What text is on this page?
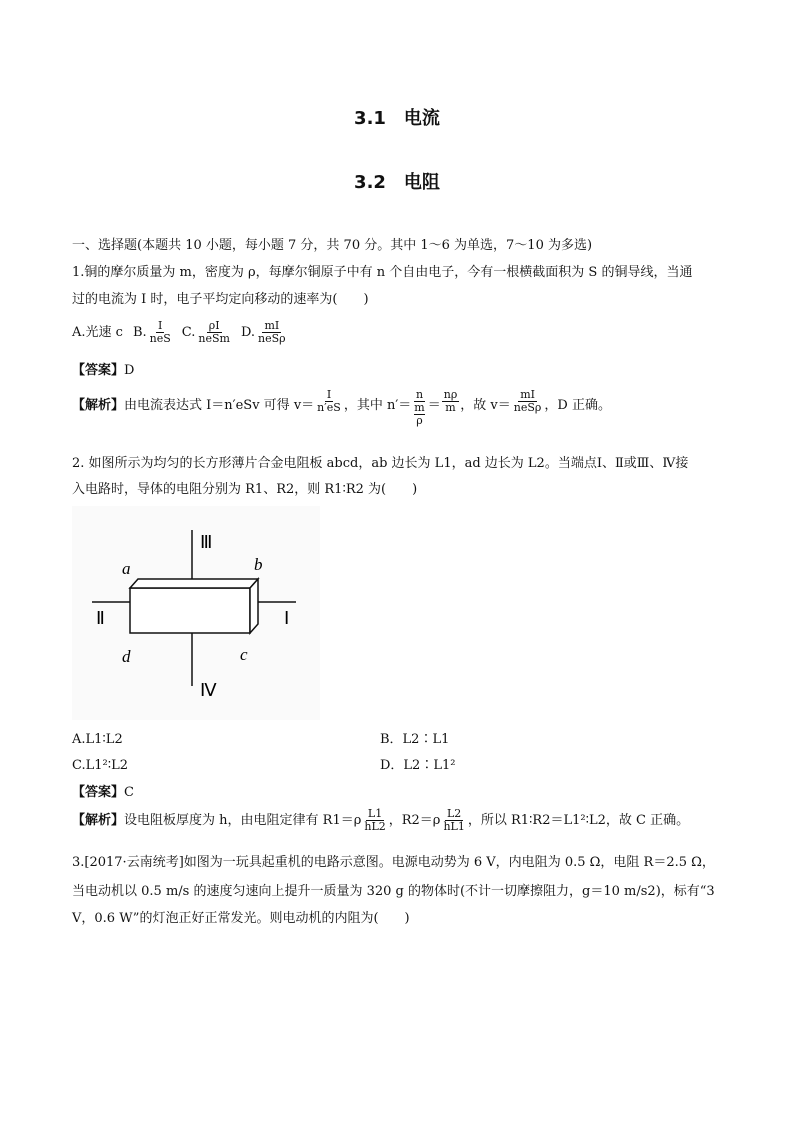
3.1　电流
3.2　电阻
一、选择题(本题共 10 小题，每小题 7 分，共 70 分。其中 1～6 为单选，7～10 为多选)
1.铜的摩尔质量为 m，密度为 ρ，每摩尔铜原子中有 n 个自由电子，今有一根横截面积为 S 的铜导线，当通
过的电流为 I 时，电子平均定向移动的速率为(　　)
A.光速 c B. $\frac{I}{\text{neS}} C$. $\frac{\rho I}{\text{neSm}} D$. $\frac{mI}{\text{neSρ}}$
【答案】D
【解析】 由电流表达式 I＝n′eSv 可得 $v= \frac{I}{n'eS}$ ，其中 $n'= \frac{n}{\frac{m}{\rho}} = \frac{n\rho}{m}$ ，故 $v= \frac{mI}{\text{neSρ}}$ ，D 正确。
2. 如图所示为均匀的长方形薄片合金电阻板 abcd，ab 边长为 L1，ad 边长为 L2。当端点Ⅰ、Ⅱ或Ⅲ、Ⅳ接
入电路时，导体的电阻分别为 R1、R2，则 R1∶R2 为(　　)
Ⅲ
Ⅱ	Ⅰ
Ⅳ
a	b
c
d
A.L1∶L2	B．L2∶L1
C.L1²∶L2	D．L2∶L1²
【答案】C
【解析】 设电阻板厚度为 h，由电阻定律有 $R1=\rho \frac{L1}{hL2}$ ，$R2=\rho \frac{L2}{hL1}$ ，所以 R1∶R2＝L1²∶L2，故 C 正确。
3.[2017·云南统考]如图为一玩具起重机的电路示意图。电源电动势为 6 V，内电阻为 0.5 Ω，电阻 R＝2.5 Ω，
当电动机以 0.5 m/s 的速度匀速向上提升一质量为 320 g 的物体时(不计一切摩擦阻力，g＝10 m/s2)，标有“3
V，0.6 W”的灯泡正好正常发光。则电动机的内阻为(　　)
